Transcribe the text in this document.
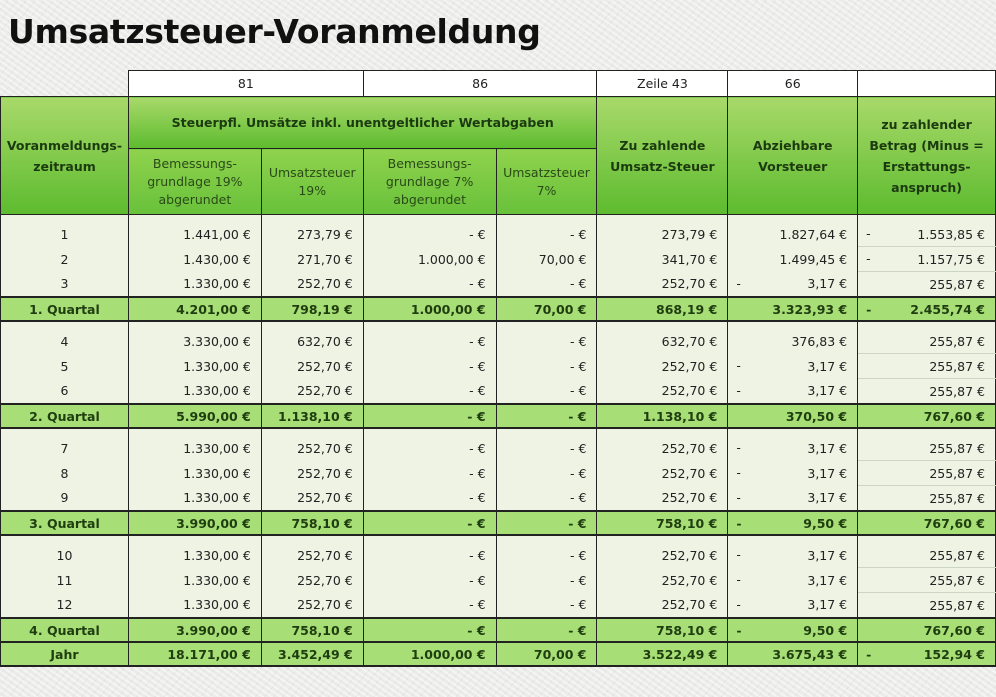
Umsatzsteuer-Voranmeldung
	81		86		Zeile 43	66	
Voranmeldungs-zeitraum	Steuerpfl. Umsätze inkl. unentgeltlicher Wertabgaben				Zu zahlende Umsatz-Steuer	Abziehbare Vorsteuer	zu zahlender Betrag (Minus = Erstattungs-anspruch)
	Bemessungs-grundlage 19% abgerundet	Umsatzsteuer 19%	Bemessungs-grundlage 7% abgerundet	Umsatzsteuer 7%			

1	1.441,00 €	273,79 €	- €	- €	273,79 €	1.827,64 €	- 1.553,85 €
2	1.430,00 €	271,70 €	1.000,00 €	70,00 €	341,70 €	1.499,45 €	- 1.157,75 €
3	1.330,00 €	252,70 €	- €	- €	252,70 €	- 3,17 €	255,87 €
1. Quartal	4.201,00 €	798,19 €	1.000,00 €	70,00 €	868,19 €	3.323,93 €	- 2.455,74 €

4	3.330,00 €	632,70 €	- €	- €	632,70 €	376,83 €	255,87 €
5	1.330,00 €	252,70 €	- €	- €	252,70 €	- 3,17 €	255,87 €
6	1.330,00 €	252,70 €	- €	- €	252,70 €	- 3,17 €	255,87 €
2. Quartal	5.990,00 €	1.138,10 €	- €	- €	1.138,10 €	370,50 €	767,60 €

7	1.330,00 €	252,70 €	- €	- €	252,70 €	- 3,17 €	255,87 €
8	1.330,00 €	252,70 €	- €	- €	252,70 €	- 3,17 €	255,87 €
9	1.330,00 €	252,70 €	- €	- €	252,70 €	- 3,17 €	255,87 €
3. Quartal	3.990,00 €	758,10 €	- €	- €	758,10 €	- 9,50 €	767,60 €

10	1.330,00 €	252,70 €	- €	- €	252,70 €	- 3,17 €	255,87 €
11	1.330,00 €	252,70 €	- €	- €	252,70 €	- 3,17 €	255,87 €
12	1.330,00 €	252,70 €	- €	- €	252,70 €	- 3,17 €	255,87 €
4. Quartal	3.990,00 €	758,10 €	- €	- €	758,10 €	- 9,50 €	767,60 €
Jahr	18.171,00 €	3.452,49 €	1.000,00 €	70,00 €	3.522,49 €	3.675,43 €	- 152,94 €
